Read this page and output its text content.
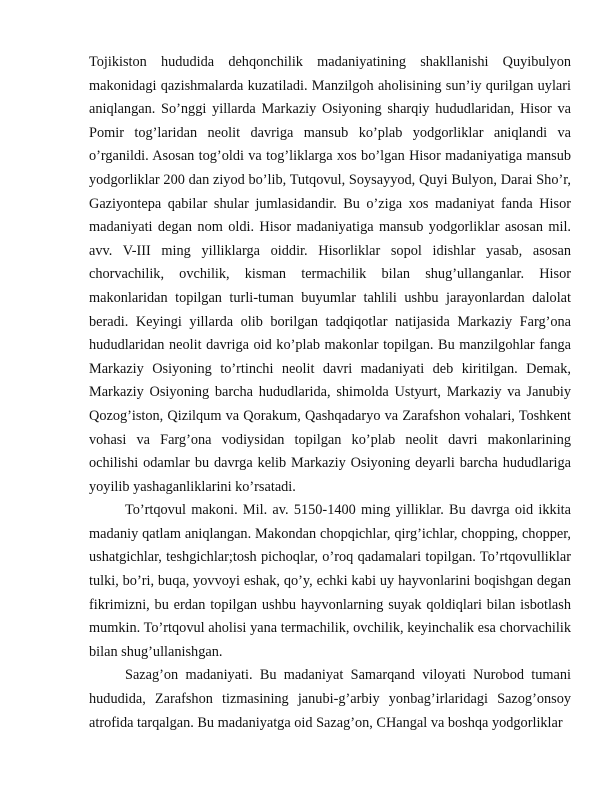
Tojikiston hududida dehqonchilik madaniyatining shakllanishi Quyibulyon makonidagi qazishmalarda kuzatiladi. Manzilgoh aholisining sun’iy qurilgan uylari aniqlangan. So’nggi yillarda Markaziy Osiyoning sharqiy hududlaridan, Hisor va Pomir tog’laridan neolit davriga mansub ko’plab yodgorliklar aniqlandi va o’rganildi. Asosan tog’oldi va tog’liklarga xos bo’lgan Hisor madaniyatiga mansub yodgorliklar 200 dan ziyod bo’lib, Tutqovul, Soysayyod, Quyi Bulyon, Darai Sho’r, Gaziyontepa qabilar shular jumlasidandir. Bu o’ziga xos madaniyat fanda Hisor madaniyati degan nom oldi. Hisor madaniyatiga mansub yodgorliklar asosan mil. avv. V-III ming yilliklarga oiddir. Hisorliklar sopol idishlar yasab, asosan chorvachilik, ovchilik, kisman termachilik bilan shug’ullanganlar. Hisor makonlaridan topilgan turli-tuman buyumlar tahlili ushbu jarayonlardan dalolat beradi. Keyingi yillarda olib borilgan tadqiqotlar natijasida Markaziy Farg’ona hududlaridan neolit davriga oid ko’plab makonlar topilgan. Bu manzilgohlar fanga Markaziy Osiyoning to’rtinchi neolit davri madaniyati deb kiritilgan. Demak, Markaziy Osiyoning barcha hududlarida, shimolda Ustyurt, Markaziy va Janubiy Qozog’iston, Qizilqum va Qorakum, Qashqadaryo va Zarafshon vohalari, Toshkent vohasi va Farg’ona vodiysidan topilgan ko’plab neolit davri makonlarining ochilishi odamlar bu davrga kelib Markaziy Osiyoning deyarli barcha hududlariga yoyilib yashaganliklarini ko’rsatadi.

To’rtqovul makoni. Mil. av. 5150-1400 ming yilliklar. Bu davrga oid ikkita madaniy qatlam aniqlangan. Makondan chopqichlar, qirg’ichlar, chopping, chopper, ushatgichlar, teshgichlar;tosh pichoqlar, o’roq qadamalari topilgan. To’rtqovulliklar tulki, bo’ri, buqa, yovvoyi eshak, qo’y, echki kabi uy hayvonlarini boqishgan degan fikrimizni, bu erdan topilgan ushbu hayvonlarning suyak qoldiqlari bilan isbotlash mumkin. To’rtqovul aholisi yana termachilik, ovchilik, keyinchalik esa chorvachilik bilan shug’ullanishgan.

Sazag’on madaniyati. Bu madaniyat Samarqand viloyati Nurobod tumani hududida, Zarafshon tizmasining janubi-g’arbiy yonbag’irlaridagi Sazog’onsoy atrofida tarqalgan. Bu madaniyatga oid Sazag’on, CHangal va boshqa yodgorliklar
